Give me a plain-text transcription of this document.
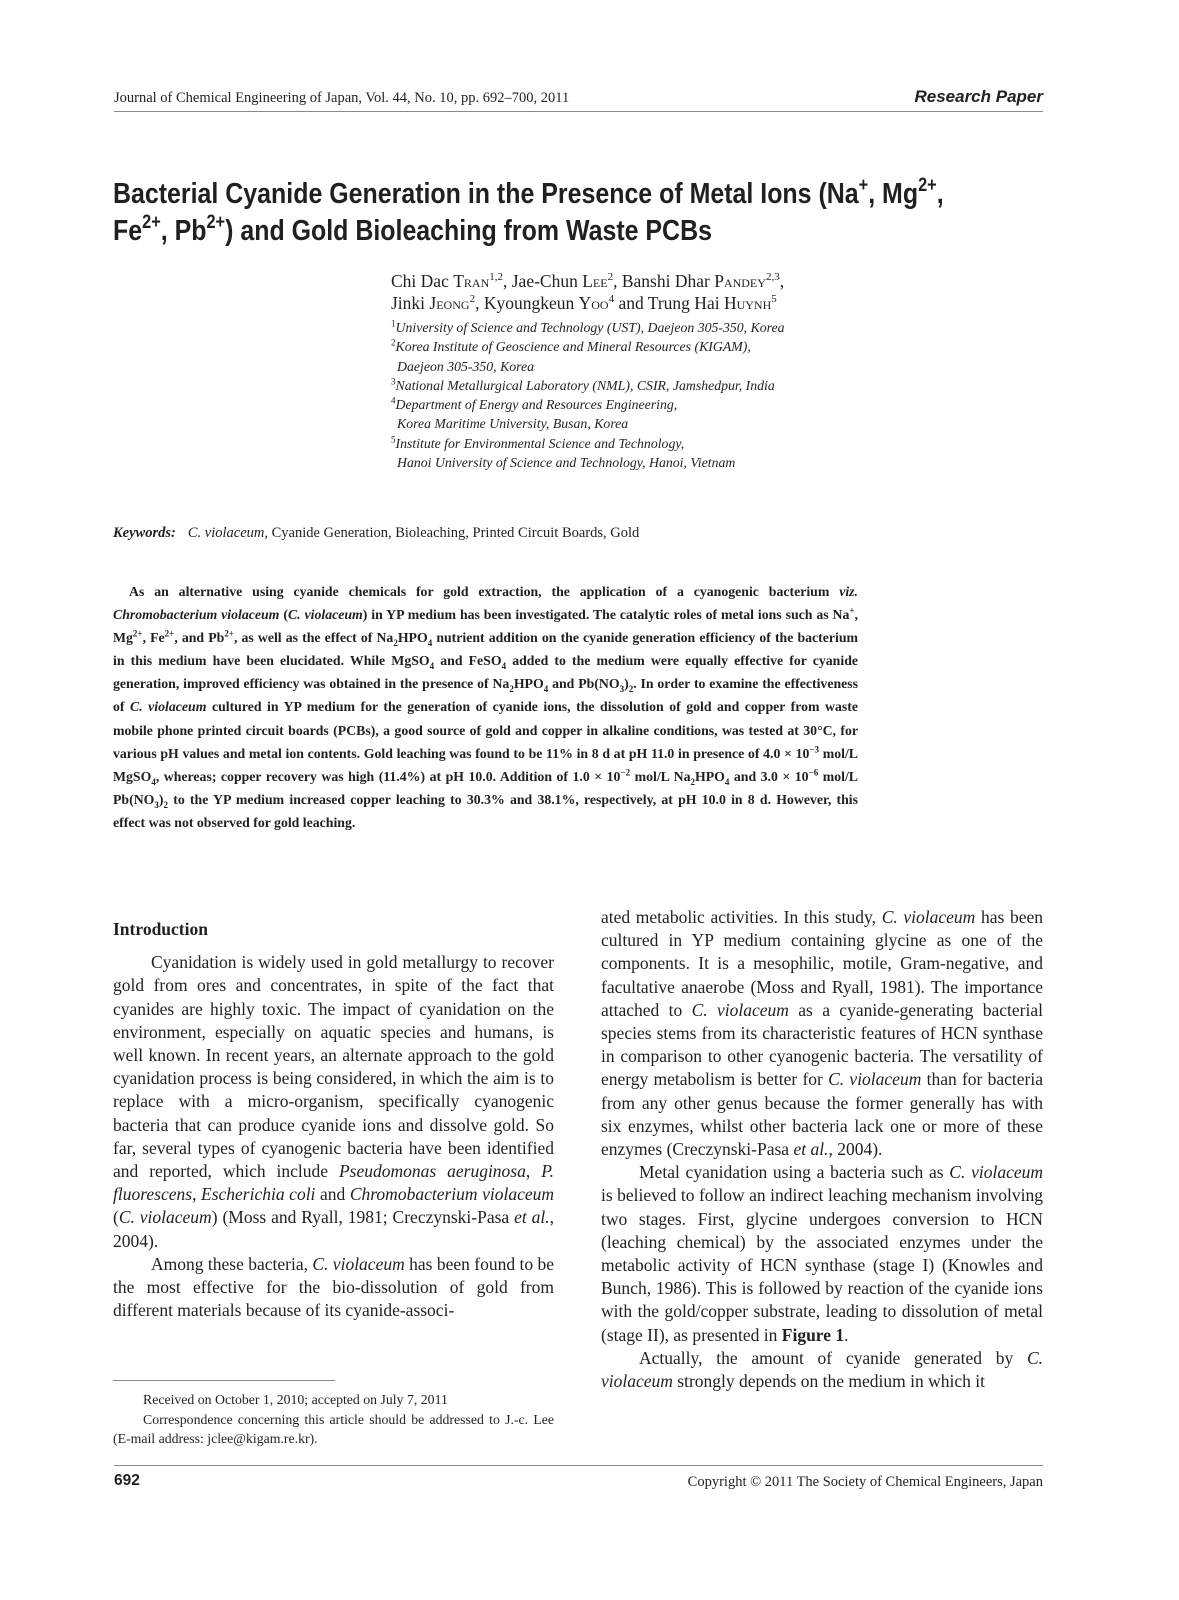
Journal of Chemical Engineering of Japan, Vol. 44, No. 10, pp. 692–700, 2011	Research Paper
Bacterial Cyanide Generation in the Presence of Metal Ions (Na+, $Mg^{2+}$,
$Fe^{2+}$, $Pb^{2+}$) and Gold Bioleaching from Waste PCBs
Chi Dac Tran$^{1,2}$, Jae-Chun Lee$^2$, Banshi Dhar Pandey$^{2,3}$,
Jinki Jeong$^2$, Kyoungkeun Yoo$^4$ and Trung Hai Huynh$^5$
$^1$University of Science and Technology (UST), Daejeon 305-350, Korea
$^2$Korea Institute of Geoscience and Mineral Resources (KIGAM),
Daejeon 305-350, Korea
$^3$National Metallurgical Laboratory (NML), CSIR, Jamshedpur, India
$^4$Department of Energy and Resources Engineering,
Korea Maritime University, Busan, Korea
$^5$Institute for Environmental Science and Technology,
Hanoi University of Science and Technology, Hanoi, Vietnam
Keywords: C. violaceum, Cyanide Generation, Bioleaching, Printed Circuit Boards, Gold
As an alternative using cyanide chemicals for gold extraction, the application of a cyanogenic bacterium viz. Chromobacterium violaceum (C. violaceum) in YP medium has been investigated. The catalytic roles of metal ions such as Na+, $Mg^{2+}$, $Fe^{2+}$, and $Pb^{2+}$, as well as the effect of $Na_2HPO_4$ nutrient addition on the cyanide generation efficiency of the bacterium in this medium have been elucidated. While MgSO$_4$ and FeSO$_4$ added to the medium were equally effective for cyanide generation, improved efficiency was obtained in the presence of $Na_2HPO_4$ and $Pb(NO_3)_2$. In order to examine the effectiveness of C. violaceum cultured in YP medium for the generation of cyanide ions, the dissolution of gold and copper from waste mobile phone printed circuit boards (PCBs), a good source of gold and copper in alkaline conditions, was tested at 30°C, for various pH values and metal ion contents. Gold leaching was found to be 11% in 8 d at pH 11.0 in presence of $4.0 \times 10^{-3}$ mol/L MgSO$_4$, whereas; copper recovery was high (11.4%) at pH 10.0. Addition of $1.0 \times 10^{-2}$ mol/L $Na_2HPO_4$ and $3.0 \times 10^{-6}$ mol/L $Pb(NO_3)_2$ to the YP medium increased copper leaching to 30.3% and 38.1%, respectively, at pH 10.0 in 8 d. However, this effect was not observed for gold leaching.
Introduction

Cyanidation is widely used in gold metallurgy to recover gold from ores and concentrates, in spite of the fact that cyanides are highly toxic. The impact of cyanidation on the environment, especially on aquatic species and humans, is well known. In recent years, an alternate approach to the gold cyanidation process is being considered, in which the aim is to replace with a micro-organism, specifically cyanogenic bacteria that can produce cyanide ions and dissolve gold. So far, several types of cyanogenic bacteria have been identified and reported, which include Pseudomonas aeruginosa, P. fluorescens, Escherichia coli and Chromobacterium violaceum (C. violaceum) (Moss and Ryall, 1981; Creczynski-Pasa et al., 2004).

Among these bacteria, C. violaceum has been found to be the most effective for the bio-dissolution of gold from different materials because of its cyanide-associ-

ated metabolic activities. In this study, C. violaceum has been cultured in YP medium containing glycine as one of the components. It is a mesophilic, motile, Gram-negative, and facultative anaerobe (Moss and Ryall, 1981). The importance attached to C. violaceum as a cyanide-generating bacterial species stems from its characteristic features of HCN synthase in comparison to other cyanogenic bacteria. The versatility of energy metabolism is better for C. violaceum than for bacteria from any other genus because the former generally has with six enzymes, whilst other bacteria lack one or more of these enzymes (Creczynski-Pasa et al., 2004).

Metal cyanidation using a bacteria such as C. violaceum is believed to follow an indirect leaching mechanism involving two stages. First, glycine undergoes conversion to HCN (leaching chemical) by the associated enzymes under the metabolic activity of HCN synthase (stage I) (Knowles and Bunch, 1986). This is followed by reaction of the cyanide ions with the gold/copper substrate, leading to dissolution of metal (stage II), as presented in Figure 1.

Actually, the amount of cyanide generated by C. violaceum strongly depends on the medium in which it

Received on October 1, 2010; accepted on July 7, 2011

Correspondence concerning this article should be addressed to J.-c. Lee (E-mail address: jclee@kigam.re.kr).

692	Copyright © 2011 The Society of Chemical Engineers, Japan
